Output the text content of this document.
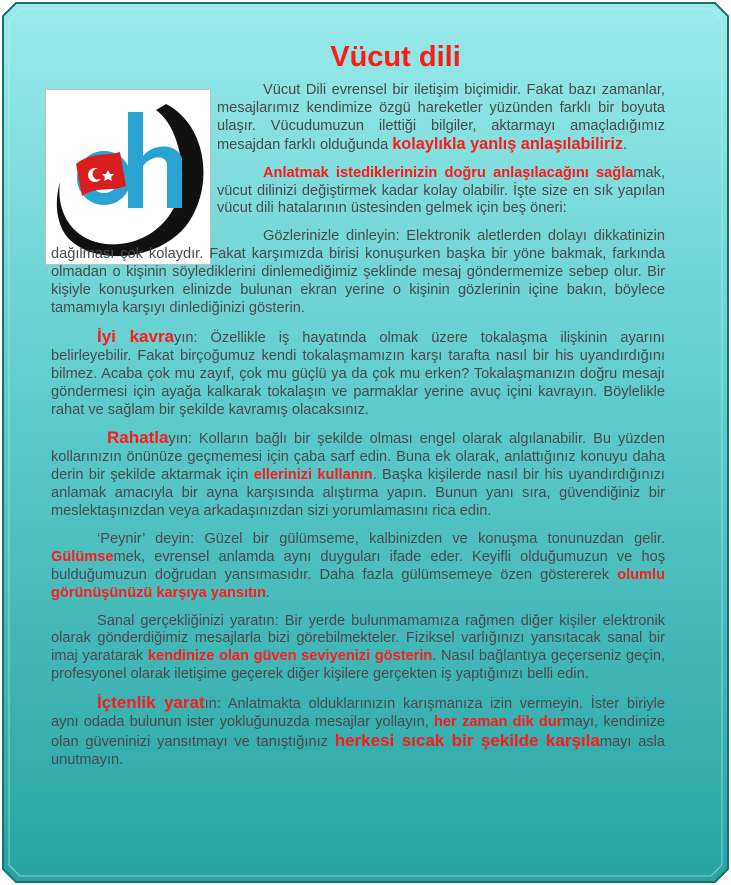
Vücut dili

Vücut Dili evrensel bir iletişim biçimidir. Fakat bazı zamanlar, mesajlarımız kendimize özgü hareketler yüzünden farklı bir boyuta ulaşır. Vücudumuzun ilettiği bilgiler, aktarmayı amaçladığımız mesajdan farklı olduğunda kolaylıkla yanlış anlaşılabiliriz.

Anlatmak istediklerinizin doğru anlaşılacağını sağlamak, vücut dilinizi değiştirmek kadar kolay olabilir. İşte size en sık yapılan vücut dili hatalarının üstesinden gelmek için beş öneri:

Gözlerinizle dinleyin: Elektronik aletlerden dolayı dikkatinizin dağılması çok kolaydır. Fakat karşımızda birisi konuşurken başka bir yöne bakmak, farkında olmadan o kişinin söylediklerini dinlemediğimiz şeklinde mesaj göndermemize sebep olur. Bir kişiyle konuşurken elinizde bulunan ekran yerine o kişinin gözlerinin içine bakın, böylece tamamıyla karşıyı dinlediğinizi gösterin.

İyi kavrayın: Özellikle iş hayatında olmak üzere tokalaşma ilişkinin ayarını belirleyebilir. Fakat birçoğumuz kendi tokalaşmamızın karşı tarafta nasıl bir his uyandırdığını bilmez. Acaba çok mu zayıf, çok mu güçlü ya da çok mu erken? Tokalaşmanızın doğru mesajı göndermesi için ayağa kalkarak tokalaşın ve parmaklar yerine avuç içini kavrayın. Böylelikle rahat ve sağlam bir şekilde kavramış olacaksınız.

Rahatlayın: Kolların bağlı bir şekilde olması engel olarak algılanabilir. Bu yüzden kollarınızın önünüze geçmemesi için çaba sarf edin. Buna ek olarak, anlattığınız konuyu daha derin bir şekilde aktarmak için ellerinizi kullanın. Başka kişilerde nasıl bir his uyandırdığınızı anlamak amacıyla bir ayna karşısında alıştırma yapın. Bunun yanı sıra, güvendiğiniz bir meslektaşınızdan veya arkadaşınızdan sizi yorumlamasını rica edin.

‘Peynir’ deyin: Güzel bir gülümseme, kalbinizden ve konuşma tonunuzdan gelir. Gülümsemek, evrensel anlamda aynı duyguları ifade eder. Keyifli olduğumuzun ve hoş bulduğumuzun doğrudan yansımasıdır. Daha fazla gülümsemeye özen göstererek olumlu görünüşünüzü karşıya yansıtın.

Sanal gerçekliğinizi yaratın: Bir yerde bulunmamamıza rağmen diğer kişiler elektronik olarak gönderdiğimiz mesajlarla bizi görebilmekteler. Fiziksel varlığınızı yansıtacak sanal bir imaj yaratarak kendinize olan güven seviyenizi gösterin. Nasıl bağlantıya geçerseniz geçin, profesyonel olarak iletişime geçerek diğer kişilere gerçekten iş yaptığınızı belli edin.

İçtenlik yaratın: Anlatmakta olduklarınızın karışmanıza izin vermeyin. İster biriyle aynı odada bulunun ister yokluğunuzda mesajlar yollayın, her zaman dik durmayı, kendinize olan güveninizi yansıtmayı ve tanıştığınız herkesi sıcak bir şekilde karşılamayı asla unutmayın.
